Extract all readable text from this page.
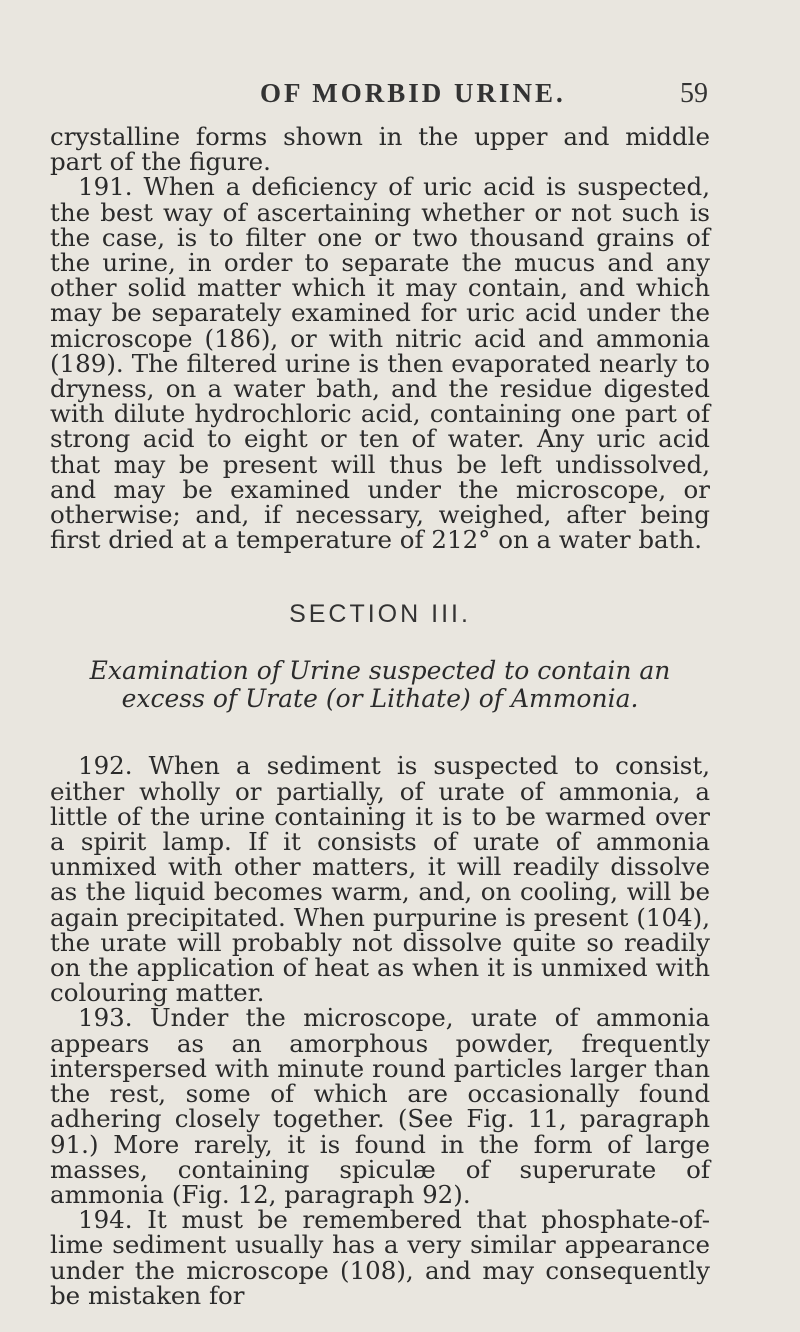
OF MORBID URINE.	59

crystalline forms shown in the upper and middle part of the figure.

191. When a deficiency of uric acid is suspected, the best way of ascertaining whether or not such is the case, is to filter one or two thousand grains of the urine, in order to separate the mucus and any other solid matter which it may contain, and which may be separately examined for uric acid under the microscope (186), or with nitric acid and ammonia (189). The filtered urine is then evaporated nearly to dryness, on a water bath, and the residue digested with dilute hydrochloric acid, containing one part of strong acid to eight or ten of water. Any uric acid that may be present will thus be left undissolved, and may be examined under the microscope, or otherwise; and, if necessary, weighed, after being first dried at a temperature of 212° on a water bath.

SECTION III.
Examination of Urine suspected to contain an excess of Urate (or Lithate) of Ammonia.

192. When a sediment is suspected to consist, either wholly or partially, of urate of ammonia, a little of the urine containing it is to be warmed over a spirit lamp. If it consists of urate of ammonia unmixed with other matters, it will readily dissolve as the liquid becomes warm, and, on cooling, will be again precipitated. When purpurine is present (104), the urate will probably not dissolve quite so readily on the application of heat as when it is unmixed with colouring matter.

193. Under the microscope, urate of ammonia appears as an amorphous powder, frequently interspersed with minute round particles larger than the rest, some of which are occasionally found adhering closely together. (See Fig. 11, paragraph 91.) More rarely, it is found in the form of large masses, containing spiculæ of superurate of ammonia (Fig. 12, paragraph 92).

194. It must be remembered that phosphate-of-lime sediment usually has a very similar appearance under the microscope (108), and may consequently be mistaken for
